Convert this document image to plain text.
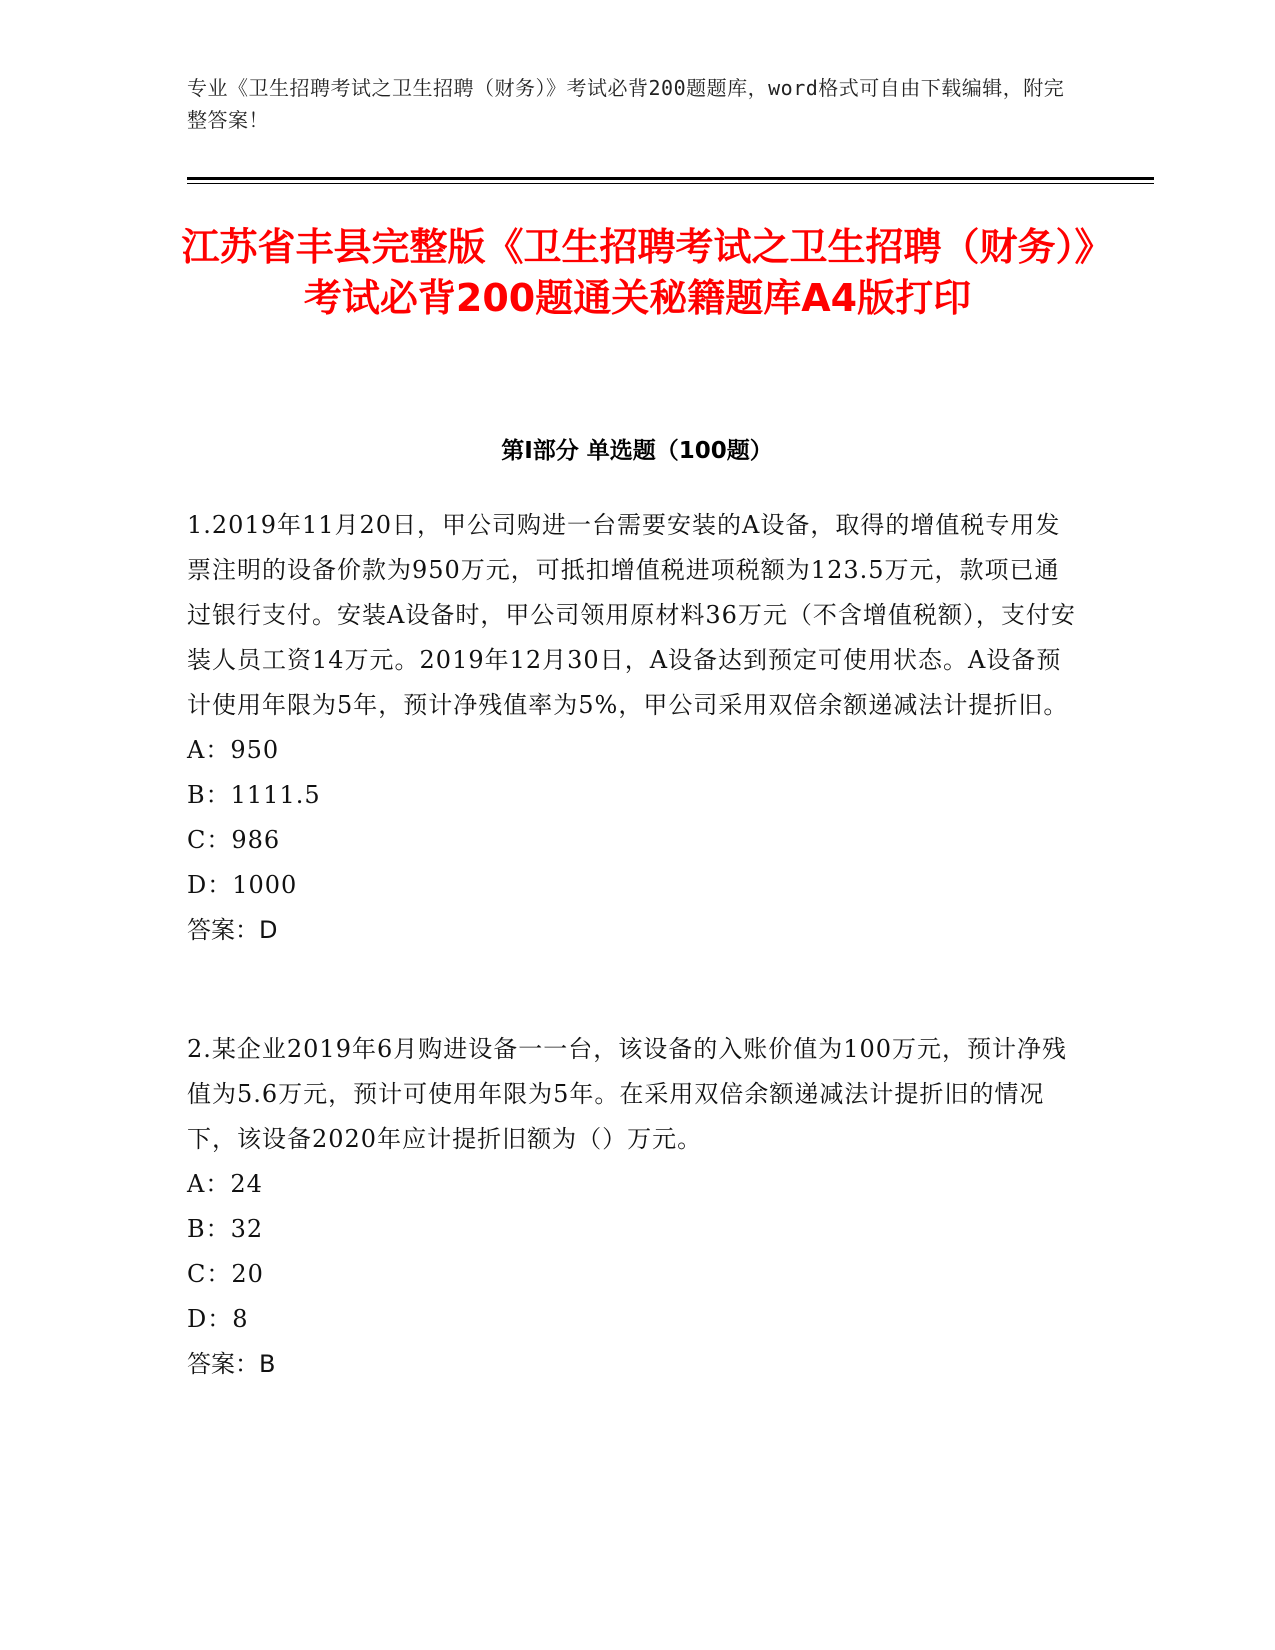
专业《卫生招聘考试之卫生招聘（财务）》考试必背200题题库，word格式可自由下载编辑，附完整答案！
江苏省丰县完整版《卫生招聘考试之卫生招聘（财务）》考试必背200题通关秘籍题库A4版打印
第I部分 单选题（100题）

1.2019年11月20日，甲公司购进一台需要安装的A设备，取得的增值税专用发票注明的设备价款为950万元，可抵扣增值税进项税额为123.5万元，款项已通过银行支付。安装A设备时，甲公司领用原材料36万元（不含增值税额），支付安装人员工资14万元。2019年12月30日，A设备达到预定可使用状态。A设备预计使用年限为5年，预计净残值率为5%，甲公司采用双倍余额递减法计提折旧。

A：950

B：1111.5

C：986

D：1000

答案：D

2.某企业2019年6月购进设备一一台，该设备的入账价值为100万元，预计净残值为5.6万元，预计可使用年限为5年。在采用双倍余额递减法计提折旧的情况下，该设备2020年应计提折旧额为（）万元。

A：24

B：32

C：20

D：8

答案：B
